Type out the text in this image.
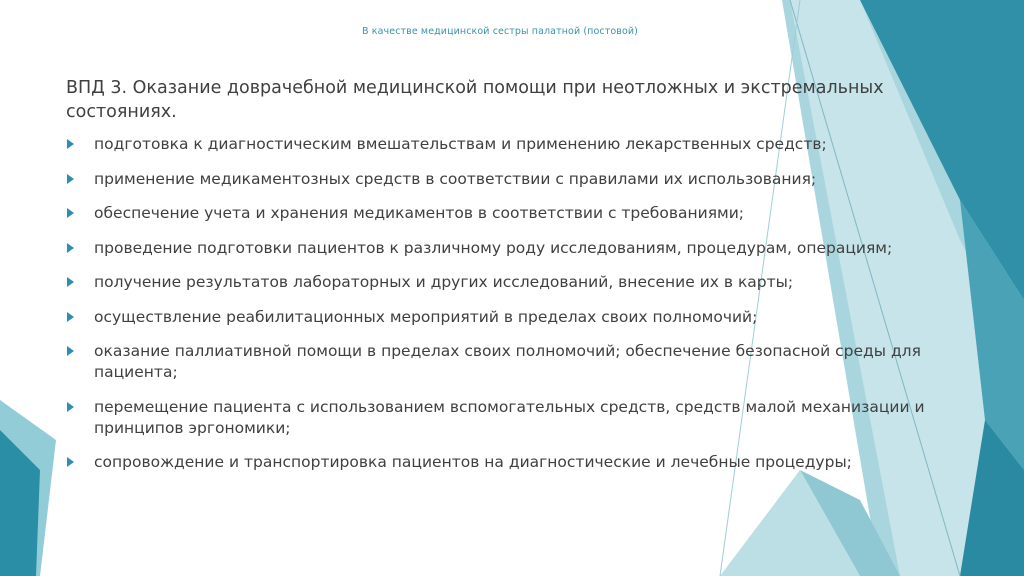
В качестве медицинской сестры палатной (постовой)
ВПД 3. Оказание доврачебной медицинской помощи при неотложных и экстремальных состояниях.
подготовка к диагностическим вмешательствам и применению лекарственных средств;
применение медикаментозных средств в соответствии с правилами их использования;
обеспечение учета и хранения медикаментов в соответствии с требованиями;
проведение подготовки пациентов к различному роду исследованиям, процедурам, операциям;
получение результатов лабораторных и других исследований, внесение их в карты;
осуществление реабилитационных мероприятий в пределах своих полномочий;
оказание паллиативной помощи в пределах своих полномочий; обеспечение безопасной среды для пациента;
перемещение пациента с использованием вспомогательных средств, средств малой механизации и принципов эргономики;
сопровождение и транспортировка пациентов на диагностические и лечебные процедуры;
